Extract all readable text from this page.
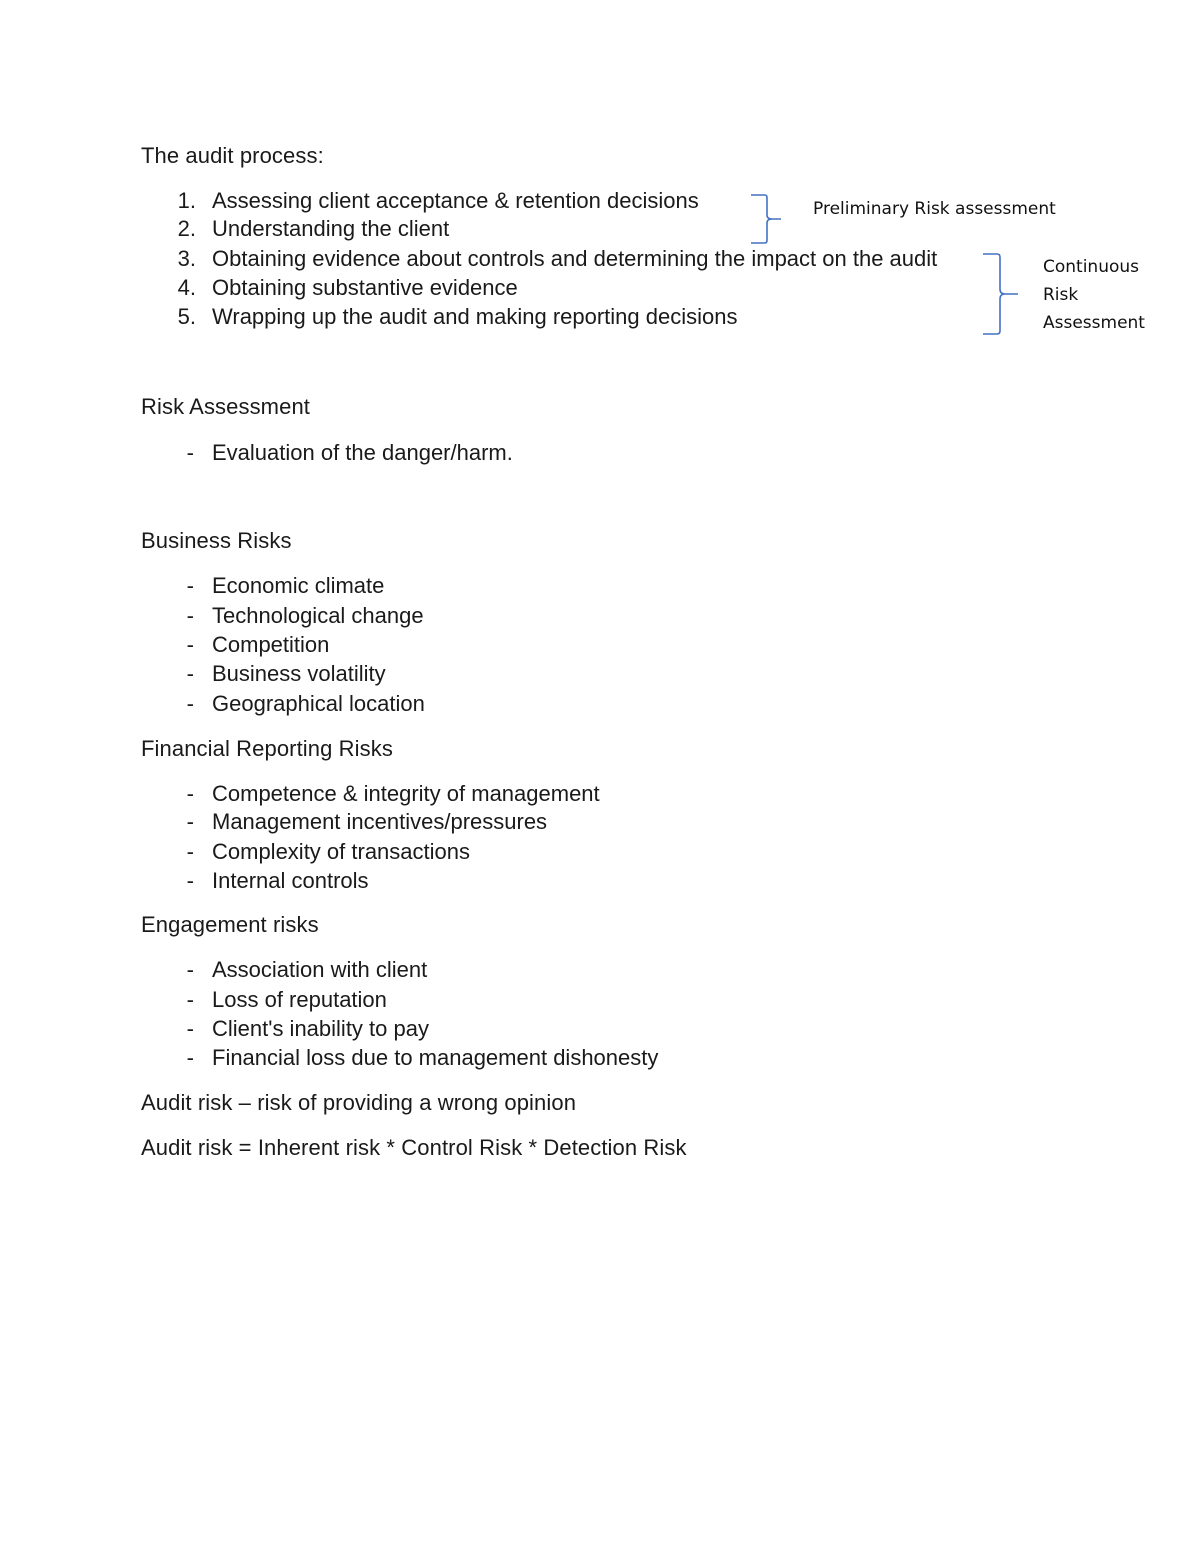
The audit process:
1. Assessing client acceptance & retention decisions
2. Understanding the client
3. Obtaining evidence about controls and determining the impact on the audit
4. Obtaining substantive evidence
5. Wrapping up the audit and making reporting decisions
Preliminary Risk assessment
Continuous
Risk
Assessment
Risk Assessment
- Evaluation of the danger/harm.
Business Risks
- Economic climate
- Technological change
- Competition
- Business volatility
- Geographical location
Financial Reporting Risks
- Competence & integrity of management
- Management incentives/pressures
- Complexity of transactions
- Internal controls
Engagement risks
- Association with client
- Loss of reputation
- Client's inability to pay
- Financial loss due to management dishonesty
Audit risk – risk of providing a wrong opinion
Audit risk = Inherent risk * Control Risk * Detection Risk
